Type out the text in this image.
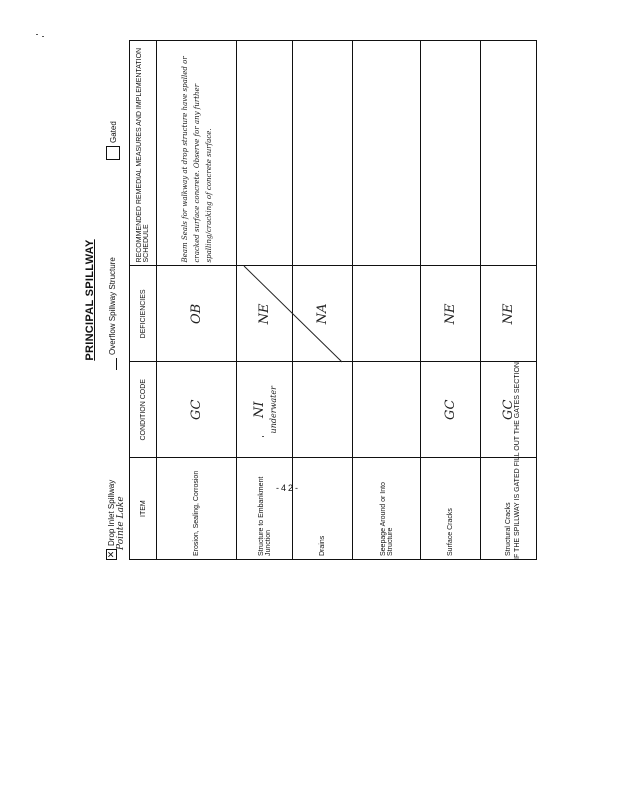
PRINCIPAL SPILLWAY
✕
Drop Inlet Spillway Pointe Lake
Overflow Spillway Structure
Gated
ITEM	CONDITION CODE	DEFICIENCIES	RECOMMENDED REMEDIAL MEASURES AND IMPLEMENTATION SCHEDULE
Erosion, Sealing, Corrosion	GC	OB	Beam Seals for walkway at drop structure have spalled or cracked surface concrete. Observe for any further spalling/cracking of concrete surface.
Structure to Embankment Junction	NI underwater	NE	
Drains		NA	
Seepage Around or Into Structure			
Surface Cracks	GC	NE	
Structural Cracks	GC	NE	
IF THE SPILLWAY IS GATED FILL OUT THE GATES SECTION
-42-
